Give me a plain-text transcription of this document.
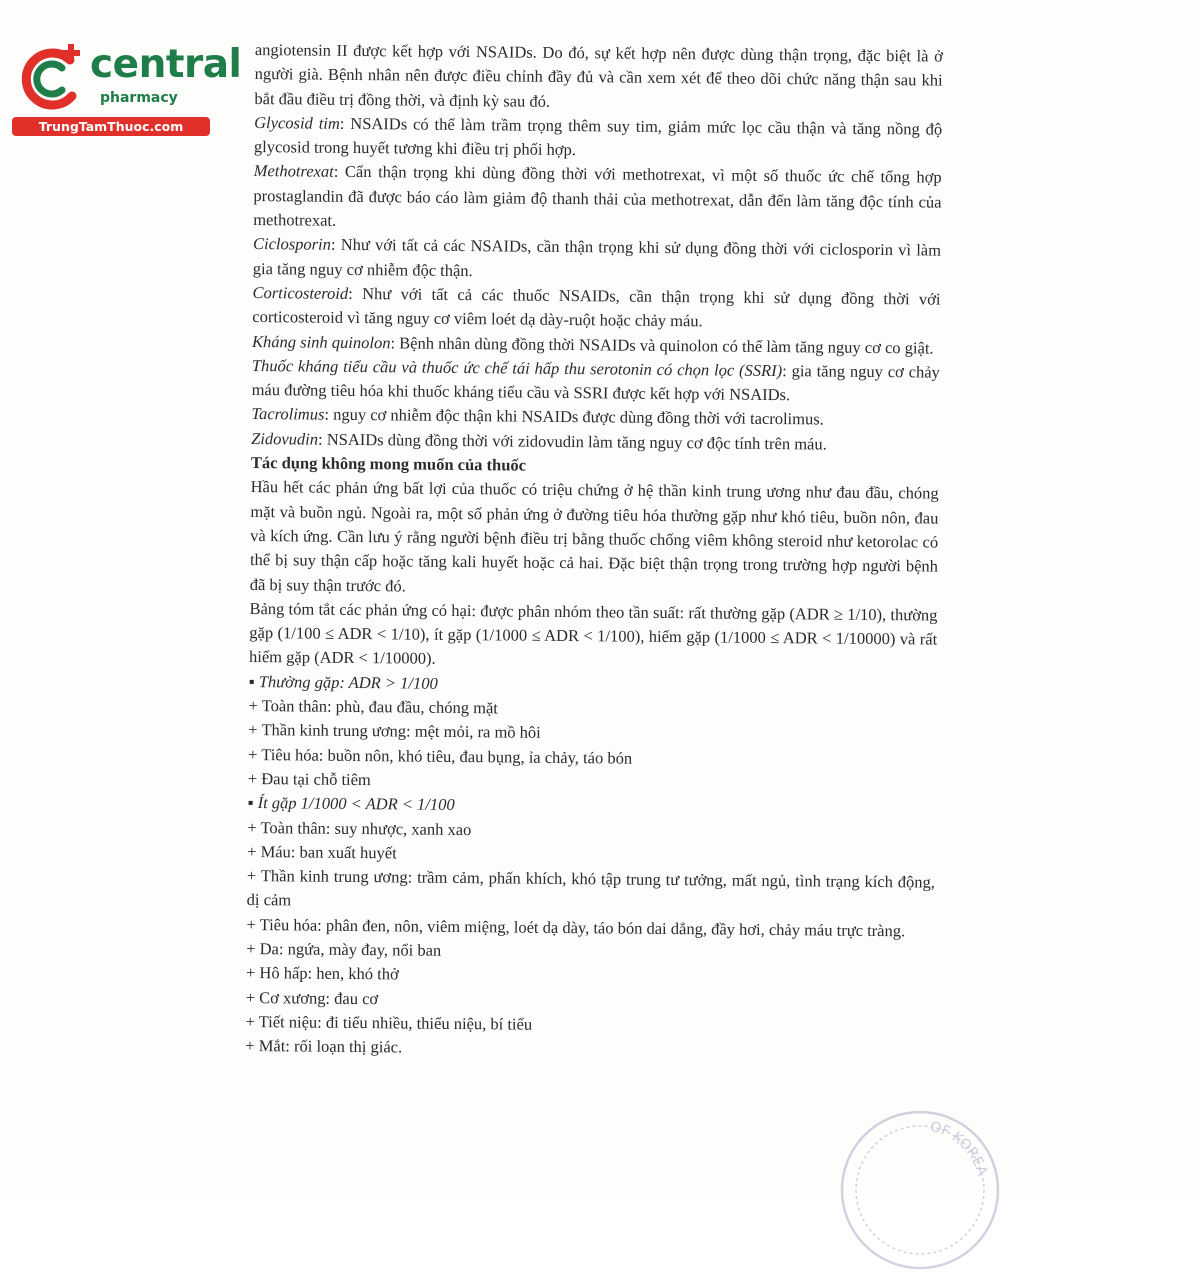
central
pharmacy
TrungTamThuoc.com

angiotensin II được kết hợp với NSAIDs. Do đó, sự kết hợp nên được dùng thận trọng, đặc biệt là ở người già. Bệnh nhân nên được điều chỉnh đầy đủ và cần xem xét để theo dõi chức năng thận sau khi bắt đầu điều trị đồng thời, và định kỳ sau đó.

Glycosid tim: NSAIDs có thể làm trầm trọng thêm suy tim, giảm mức lọc cầu thận và tăng nồng độ glycosid trong huyết tương khi điều trị phối hợp.

Methotrexat: Cẩn thận trọng khi dùng đồng thời với methotrexat, vì một số thuốc ức chế tổng hợp prostaglandin đã được báo cáo làm giảm độ thanh thải của methotrexat, dẫn đến làm tăng độc tính của methotrexat.

Ciclosporin: Như với tất cả các NSAIDs, cần thận trọng khi sử dụng đồng thời với ciclosporin vì làm gia tăng nguy cơ nhiễm độc thận.

Corticosteroid: Như với tất cả các thuốc NSAIDs, cần thận trọng khi sử dụng đồng thời với corticosteroid vì tăng nguy cơ viêm loét dạ dày-ruột hoặc chảy máu.

Kháng sinh quinolon: Bệnh nhân dùng đồng thời NSAIDs và quinolon có thể làm tăng nguy cơ co giật.

Thuốc kháng tiểu cầu và thuốc ức chế tái hấp thu serotonin có chọn lọc (SSRI): gia tăng nguy cơ chảy máu đường tiêu hóa khi thuốc kháng tiểu cầu và SSRI được kết hợp với NSAIDs.

Tacrolimus: nguy cơ nhiễm độc thận khi NSAIDs được dùng đồng thời với tacrolimus.

Zidovudin: NSAIDs dùng đồng thời với zidovudin làm tăng nguy cơ độc tính trên máu.

Tác dụng không mong muốn của thuốc

Hầu hết các phản ứng bất lợi của thuốc có triệu chứng ở hệ thần kinh trung ương như đau đầu, chóng mặt và buồn ngủ. Ngoài ra, một số phản ứng ở đường tiêu hóa thường gặp như khó tiêu, buồn nôn, đau và kích ứng. Cần lưu ý rằng người bệnh điều trị bằng thuốc chống viêm không steroid như ketorolac có thể bị suy thận cấp hoặc tăng kali huyết hoặc cả hai. Đặc biệt thận trọng trong trường hợp người bệnh đã bị suy thận trước đó.

Bảng tóm tắt các phản ứng có hại: được phân nhóm theo tần suất: rất thường gặp (ADR ≥ 1/10), thường gặp (1/100 ≤ ADR < 1/10), ít gặp (1/1000 ≤ ADR < 1/100), hiếm gặp (1/1000 ≤ ADR < 1/10000) và rất hiếm gặp (ADR < 1/10000).

▪ Thường gặp: ADR > 1/100

+ Toàn thân: phù, đau đầu, chóng mặt

+ Thần kinh trung ương: mệt mỏi, ra mồ hôi

+ Tiêu hóa: buồn nôn, khó tiêu, đau bụng, ỉa chảy, táo bón

+ Đau tại chỗ tiêm

▪ Ít gặp 1/1000 < ADR < 1/100

+ Toàn thân: suy nhược, xanh xao

+ Máu: ban xuất huyết

+ Thần kinh trung ương: trầm cảm, phấn khích, khó tập trung tư tưởng, mất ngủ, tình trạng kích động, dị cảm

+ Tiêu hóa: phân đen, nôn, viêm miệng, loét dạ dày, táo bón dai dẳng, đầy hơi, chảy máu trực tràng.

+ Da: ngứa, mày đay, nổi ban

+ Hô hấp: hen, khó thở

+ Cơ xương: đau cơ

+ Tiết niệu: đi tiểu nhiều, thiểu niệu, bí tiểu

+ Mắt: rối loạn thị giác.

OF KOREA
